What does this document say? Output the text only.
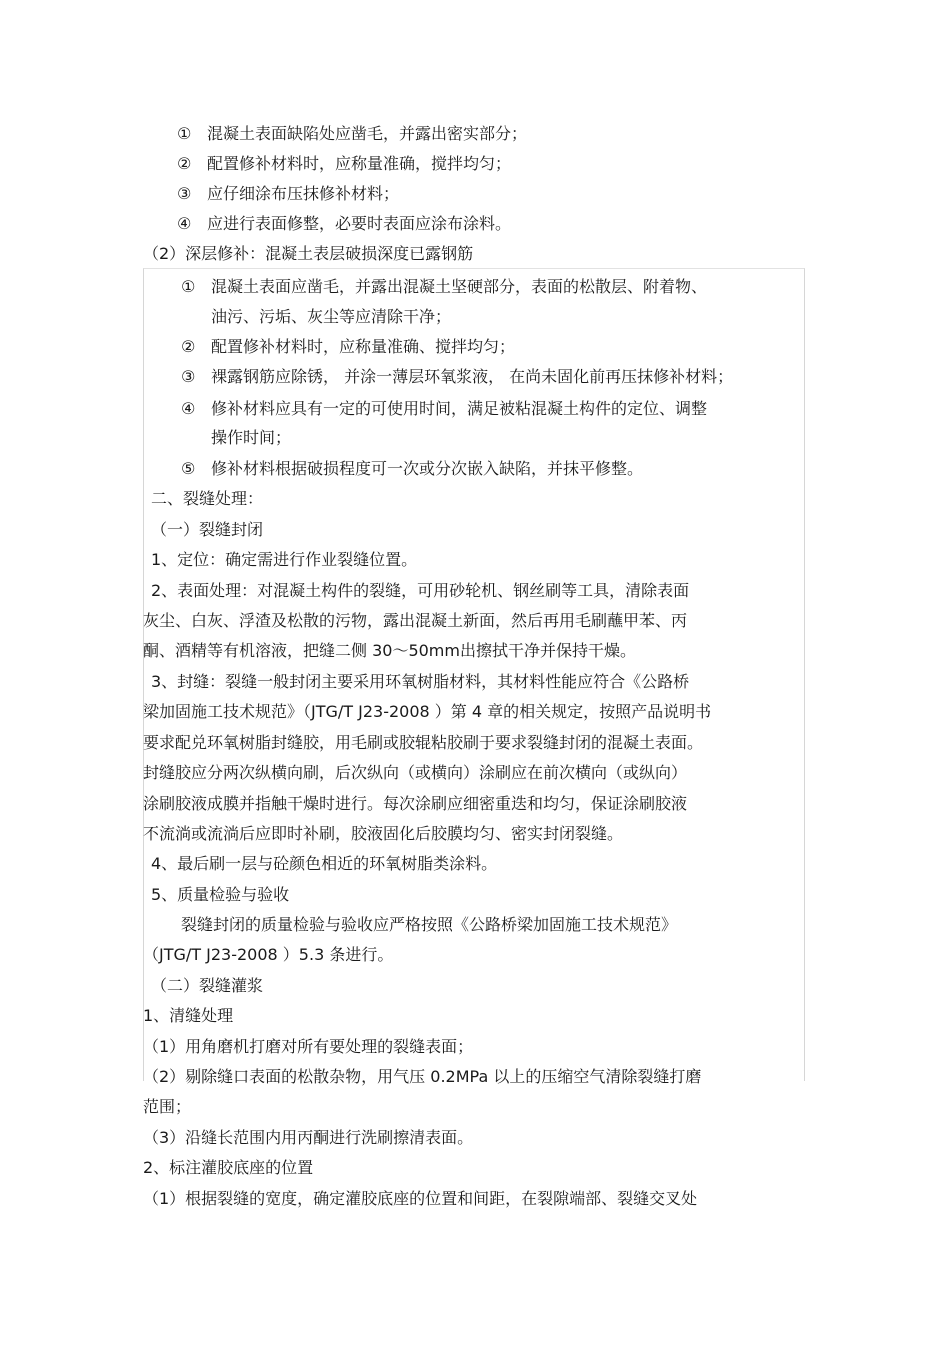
① 混凝土表面缺陷处应凿毛，并露出密实部分；
② 配置修补材料时，应称量准确，搅拌均匀；
③ 应仔细涂布压抹修补材料；
④ 应进行表面修整，必要时表面应涂布涂料。
（2）深层修补：混凝土表层破损深度已露钢筋
① 混凝土表面应凿毛，并露出混凝土坚硬部分，表面的松散层、附着物、
油污、污垢、灰尘等应清除干净；
② 配置修补材料时，应称量准确、搅拌均匀；
③ 裸露钢筋应除锈， 并涂一薄层环氧浆液， 在尚未固化前再压抹修补材料；
④ 修补材料应具有一定的可使用时间，满足被粘混凝土构件的定位、调整
操作时间；
⑤ 修补材料根据破损程度可一次或分次嵌入缺陷，并抹平修整。
二、裂缝处理：
（一）裂缝封闭
1、定位：确定需进行作业裂缝位置。
2、表面处理：对混凝土构件的裂缝，可用砂轮机、钢丝刷等工具，清除表面
灰尘、白灰、浮渣及松散的污物，露出混凝土新面，然后再用毛刷蘸甲苯、丙
酮、酒精等有机溶液，把缝二侧 30～50mm出擦拭干净并保持干燥。
3、封缝：裂缝一般封闭主要采用环氧树脂材料，其材料性能应符合《公路桥
梁加固施工技术规范》（JTG/T J23-2008 ）第 4 章的相关规定，按照产品说明书
要求配兑环氧树脂封缝胶，用毛刷或胶辊粘胶刷于要求裂缝封闭的混凝土表面。
封缝胶应分两次纵横向刷，后次纵向（或横向）涂刷应在前次横向（或纵向）
涂刷胶液成膜并指触干燥时进行。每次涂刷应细密重迭和均匀，保证涂刷胶液
不流淌或流淌后应即时补刷，胶液固化后胶膜均匀、密实封闭裂缝。
4、最后刷一层与砼颜色相近的环氧树脂类涂料。
5、质量检验与验收
裂缝封闭的质量检验与验收应严格按照《公路桥梁加固施工技术规范》
（JTG/T J23-2008 ）5.3 条进行。
（二）裂缝灌浆
1、清缝处理
（1）用角磨机打磨对所有要处理的裂缝表面；
（2）剔除缝口表面的松散杂物，用气压 0.2MPa 以上的压缩空气清除裂缝打磨
范围；
（3）沿缝长范围内用丙酮进行洗刷擦清表面。
2、标注灌胶底座的位置
（1）根据裂缝的宽度，确定灌胶底座的位置和间距，在裂隙端部、裂缝交叉处
